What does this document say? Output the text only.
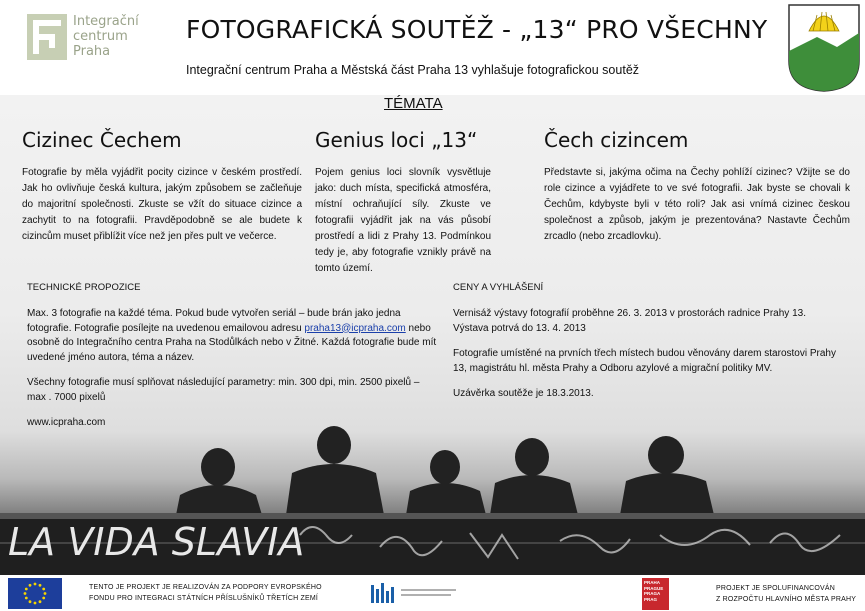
Integrační
centrum
Praha
FOTOGRAFICKÁ SOUTĚŽ - „13“ PRO VŠECHNY
Integrační centrum Praha a Městská část Praha 13 vyhlašuje fotografickou soutěž
LA VIDA SLAVIA
TÉMATA
Cizinec Čechem
Fotografie by měla vyjádřit pocity cizince v českém prostředí. Jak ho ovlivňuje česká kultura, jakým způsobem se začleňuje do majoritní společnosti. Zkuste se vžít do situace cizince a zachytit to na fotografii. Pravděpodobně se ale budete k cizincům muset přiblížit více než jen přes pult ve večerce.
Genius loci „13“
Pojem genius loci slovník vysvětluje jako: duch místa, specifická atmosféra, místní ochraňující síly. Zkuste ve fotografii vyjádřit jak na vás působí prostředí a lidi z Prahy 13. Podmínkou tedy je, aby fotografie vznikly právě na tomto území.
Čech cizincem
Představte si, jakýma očima na Čechy pohlíží cizinec? Vžijte se do role cizince a vyjádřete to ve své fotografii. Jak byste se chovali k Čechům, kdybyste byli v této roli? Jak asi vnímá cizinec českou společnost a způsob, jakým je prezentována? Nastavte Čechům zrcadlo (nebo zrcadlovku).
TECHNICKÉ PROPOZICE

Max. 3 fotografie na každé téma. Pokud bude vytvořen seriál – bude brán jako jedna fotografie. Fotografie posílejte na uvedenou emailovou adresu praha13@icpraha.com nebo osobně do Integračního centra Praha na Stodůlkách nebo v Žitné. Každá fotografie bude mít uvedené jméno autora, téma a název.

Všechny fotografie musí splňovat následující parametry: min. 300 dpi, min. 2500 pixelů – max . 7000 pixelů

www.icpraha.com

CENY A VYHLÁŠENÍ

Vernisáž výstavy fotografií proběhne 26. 3. 2013 v prostorách radnice Prahy 13. Výstava potrvá do 13. 4. 2013

Fotografie umístěné na prvních třech místech budou věnovány darem starostovi Prahy 13, magistrátu hl. města Prahy a Odboru azylové a migrační politiky MV.

Uzávěrka soutěže je 18.3.2013.

TENTO JE PROJEKT JE REALIZOVÁN ZA PODPORY EVROPSKÉHO
FONDU PRO INTEGRACI STÁTNÍCH PŘÍSLUŠNÍKŮ TŘETÍCH ZEMÍ
PRAHA
PRAGUE
PRAGA
PRAG
PROJEKT JE SPOLUFINANCOVÁN
Z ROZPOČTU HLAVNÍHO MĚSTA PRAHY
